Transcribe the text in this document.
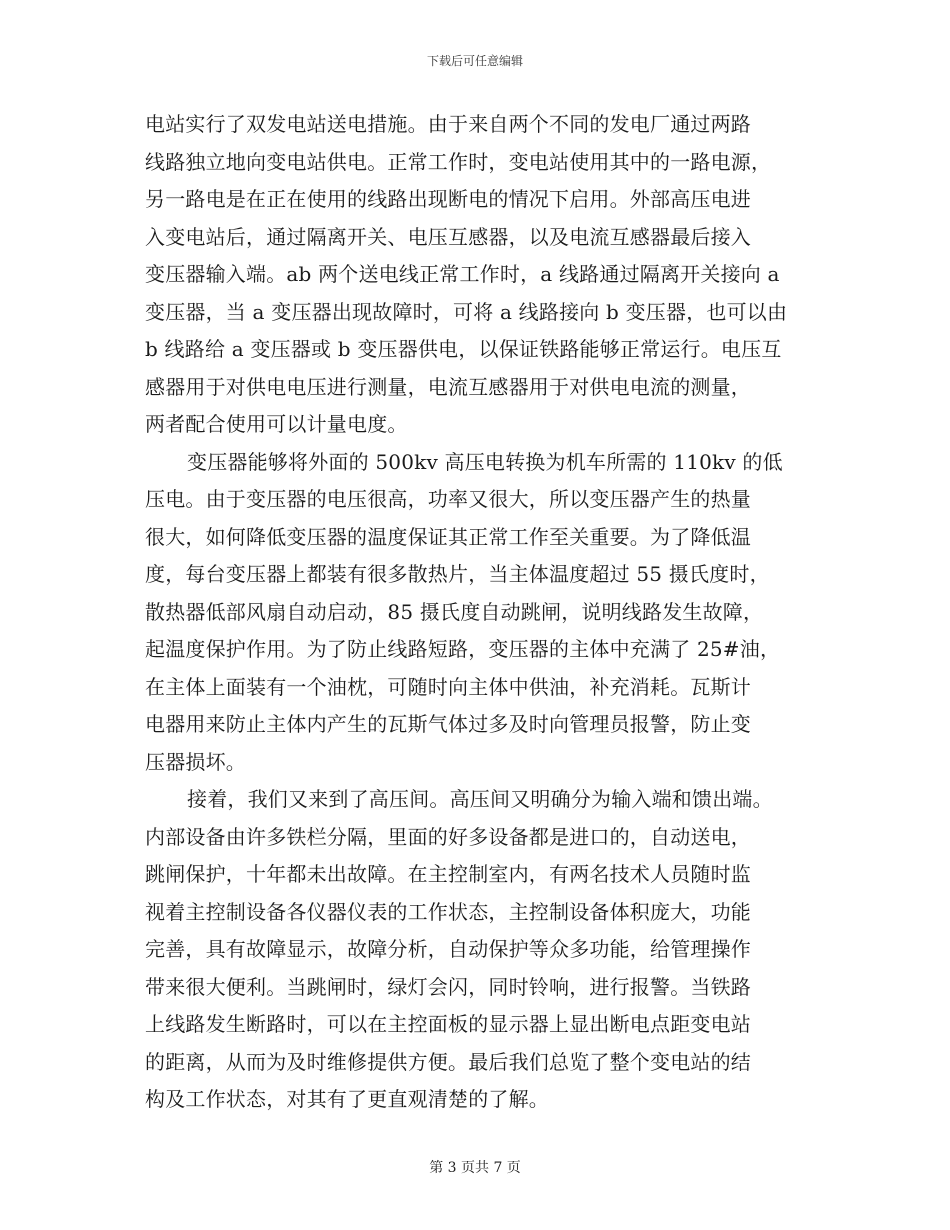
下载后可任意编辑
电站实行了双发电站送电措施。由于来自两个不同的发电厂通过两路
线路独立地向变电站供电。正常工作时，变电站使用其中的一路电源，
另一路电是在正在使用的线路出现断电的情况下启用。外部高压电进
入变电站后，通过隔离开关、电压互感器，以及电流互感器最后接入
变压器输入端。ab 两个送电线正常工作时，a 线路通过隔离开关接向 a
变压器，当 a 变压器出现故障时，可将 a 线路接向 b 变压器，也可以由
b 线路给 a 变压器或 b 变压器供电，以保证铁路能够正常运行。电压互
感器用于对供电电压进行测量，电流互感器用于对供电电流的测量，
两者配合使用可以计量电度。
变压器能够将外面的 500kv 高压电转换为机车所需的 110kv 的低
压电。由于变压器的电压很高，功率又很大，所以变压器产生的热量
很大，如何降低变压器的温度保证其正常工作至关重要。为了降低温
度，每台变压器上都装有很多散热片，当主体温度超过 55 摄氏度时，
散热器低部风扇自动启动，85 摄氏度自动跳闸，说明线路发生故障，
起温度保护作用。为了防止线路短路，变压器的主体中充满了 25#油，
在主体上面装有一个油枕，可随时向主体中供油，补充消耗。瓦斯计
电器用来防止主体内产生的瓦斯气体过多及时向管理员报警，防止变
压器损坏。
接着，我们又来到了高压间。高压间又明确分为输入端和馈出端。
内部设备由许多铁栏分隔，里面的好多设备都是进口的，自动送电，
跳闸保护，十年都未出故障。在主控制室内，有两名技术人员随时监
视着主控制设备各仪器仪表的工作状态，主控制设备体积庞大，功能
完善，具有故障显示，故障分析，自动保护等众多功能，给管理操作
带来很大便利。当跳闸时，绿灯会闪，同时铃响，进行报警。当铁路
上线路发生断路时，可以在主控面板的显示器上显出断电点距变电站
的距离，从而为及时维修提供方便。最后我们总览了整个变电站的结
构及工作状态，对其有了更直观清楚的了解。
第 3 页共 7 页
